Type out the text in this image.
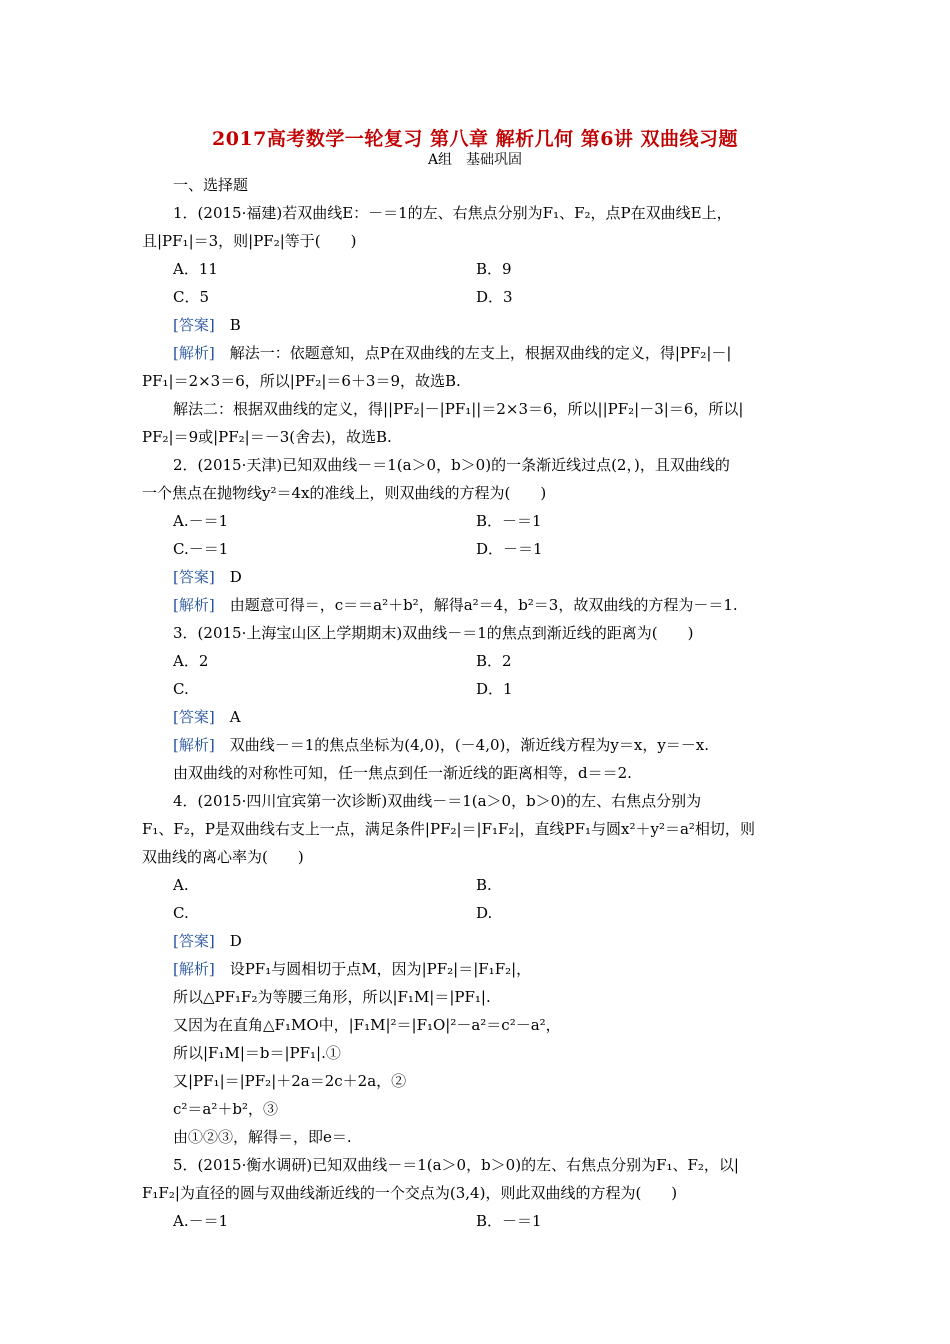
2017高考数学一轮复习 第八章 解析几何 第6讲 双曲线习题
A组　基础巩固
一、选择题
1．(2015·福建)若双曲线E：－＝1的左、右焦点分别为F₁、F₂，点P在双曲线E上，
且|PF₁|＝3，则|PF₂|等于(　　)
A．11	B．9
C．5	D．3
[答案]　B
[解析]　解法一：依题意知，点P在双曲线的左支上，根据双曲线的定义，得|PF₂|－|
PF₁|＝2×3＝6，所以|PF₂|＝6＋3＝9，故选B.
解法二：根据双曲线的定义，得||PF₂|－|PF₁||＝2×3＝6，所以||PF₂|－3|＝6，所以|
PF₂|＝9或|PF₂|＝－3(舍去)，故选B.
2．(2015·天津)已知双曲线－＝1(a＞0，b＞0)的一条渐近线过点(2，)，且双曲线的
一个焦点在抛物线y²＝4x的准线上，则双曲线的方程为(　　)
A.－＝1	B．－＝1
C.－＝1	D．－＝1
[答案]　D
[解析]　由题意可得＝，c＝＝a²＋b²，解得a²＝4，b²＝3，故双曲线的方程为－＝1.
3．(2015·上海宝山区上学期期末)双曲线－＝1的焦点到渐近线的距离为(　　)
A．2	B．2
C.	D．1
[答案]　A
[解析]　双曲线－＝1的焦点坐标为(4,0)，(－4,0)，渐近线方程为y＝x，y＝－x.
由双曲线的对称性可知，任一焦点到任一渐近线的距离相等，d＝＝2.
4．(2015·四川宜宾第一次诊断)双曲线－＝1(a＞0，b＞0)的左、右焦点分别为
F₁、F₂，P是双曲线右支上一点，满足条件|PF₂|＝|F₁F₂|，直线PF₁与圆x²＋y²＝a²相切，则
双曲线的离心率为(　　)
A.	B.
C.	D.
[答案]　D
[解析]　设PF₁与圆相切于点M，因为|PF₂|＝|F₁F₂|，
所以△PF₁F₂为等腰三角形，所以|F₁M|＝|PF₁|.
又因为在直角△F₁MO中，|F₁M|²＝|F₁O|²－a²＝c²－a²，
所以|F₁M|＝b＝|PF₁|.①
又|PF₁|＝|PF₂|＋2a＝2c＋2a，②
c²＝a²＋b²，③
由①②③，解得＝，即e＝.
5．(2015·衡水调研)已知双曲线－＝1(a＞0，b＞0)的左、右焦点分别为F₁、F₂，以|
F₁F₂|为直径的圆与双曲线渐近线的一个交点为(3,4)，则此双曲线的方程为(　　)
A.－＝1	B．－＝1
